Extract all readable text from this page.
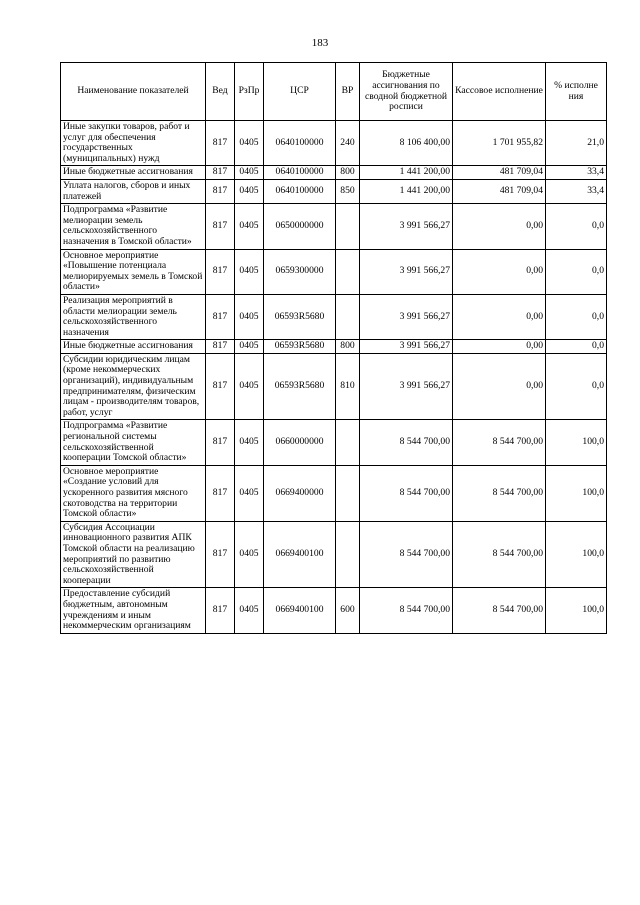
183
Наименование показателей	Вед	РзПр	ЦСР	ВР	Бюджетные ассигнования по сводной бюджетной росписи	Кассовое исполнение	% исполне ния
Иные закупки товаров, работ и услуг для обеспечения государственных (муниципальных) нужд	817	0405	0640100000	240	8 106 400,00	1 701 955,82	21,0
Иные бюджетные ассигнования	817	0405	0640100000	800	1 441 200,00	481 709,04	33,4
Уплата налогов, сборов и иных платежей	817	0405	0640100000	850	1 441 200,00	481 709,04	33,4
Подпрограмма «Развитие мелиорации земель сельскохозяйственного назначения в Томской области»	817	0405	0650000000		3 991 566,27	0,00	0,0
Основное мероприятие «Повышение потенциала мелиорируемых земель в Томской области»	817	0405	0659300000		3 991 566,27	0,00	0,0
Реализация мероприятий в области мелиорации земель сельскохозяйственного назначения	817	0405	06593R5680		3 991 566,27	0,00	0,0
Иные бюджетные ассигнования	817	0405	06593R5680	800	3 991 566,27	0,00	0,0
Субсидии юридическим лицам (кроме некоммерческих организаций), индивидуальным предпринимателям, физическим лицам - производителям товаров, работ, услуг	817	0405	06593R5680	810	3 991 566,27	0,00	0,0
Подпрограмма «Развитие региональной системы сельскохозяйственной кооперации Томской области»	817	0405	0660000000		8 544 700,00	8 544 700,00	100,0
Основное мероприятие «Создание условий для ускоренного развития мясного скотоводства на территории Томской области»	817	0405	0669400000		8 544 700,00	8 544 700,00	100,0
Субсидия Ассоциации инновационного развития АПК Томской области на реализацию мероприятий по развитию сельскохозяйственной кооперации	817	0405	0669400100		8 544 700,00	8 544 700,00	100,0
Предоставление субсидий бюджетным, автономным учреждениям и иным некоммерческим организациям	817	0405	0669400100	600	8 544 700,00	8 544 700,00	100,0
